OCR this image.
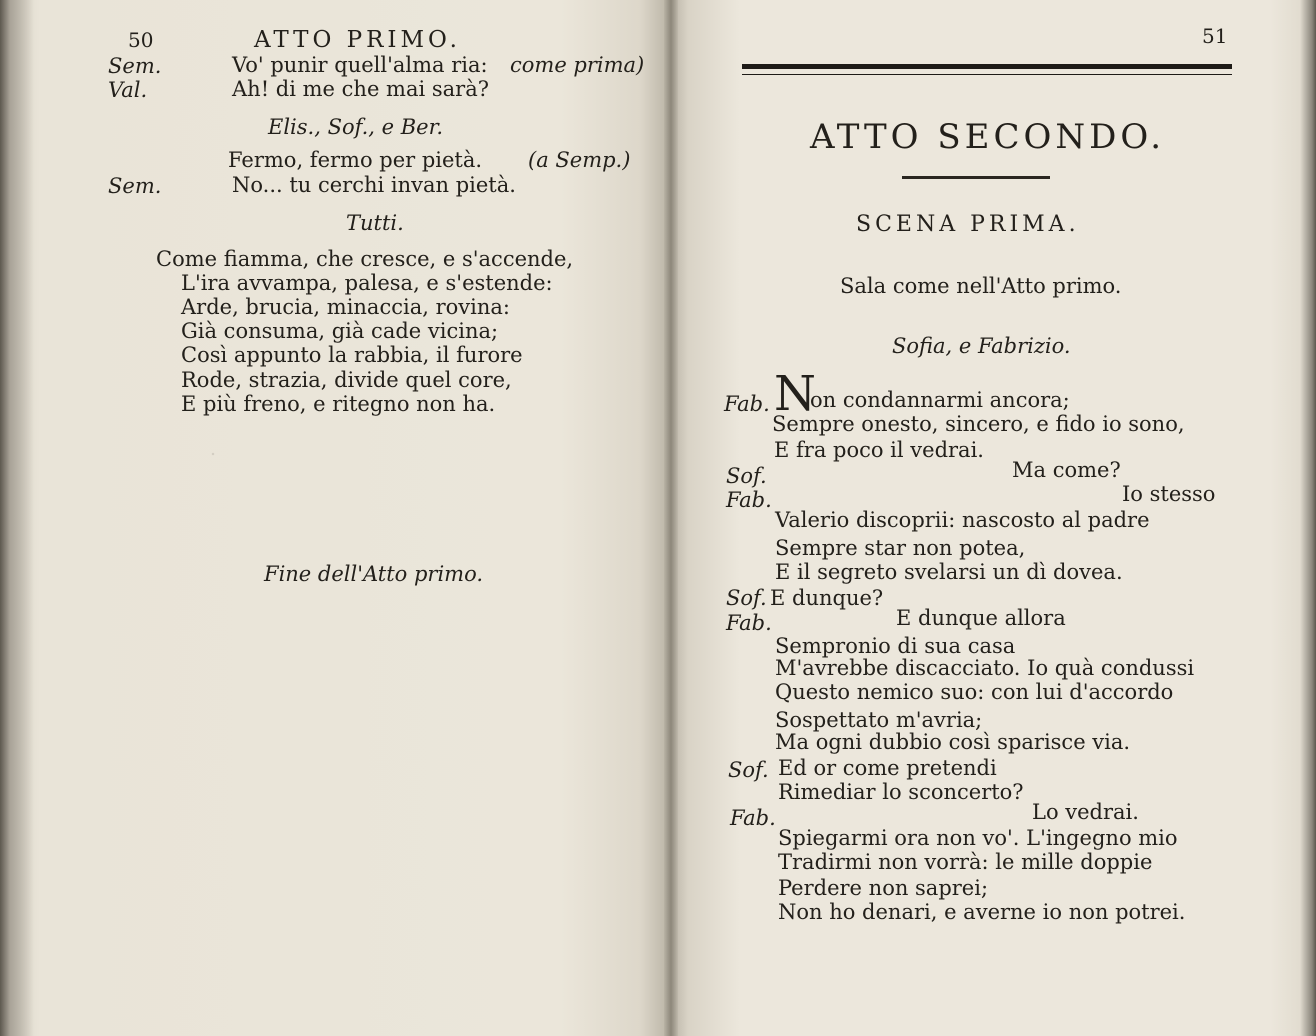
.
50	ATTO PRIMO.
Sem.	Vo' punir quell'alma ria: come prima)
Val.	Ah! di me che mai sarà?
Elis., Sof., e Ber.
Fermo, fermo per pietà. (a Semp.)
Sem.	No... tu cerchi invan pietà.
Tutti.
Come fiamma, che cresce, e s'accende,
L'ira avvampa, palesa, e s'estende:
Arde, brucia, minaccia, rovina:
Già consuma, già cade vicina;
Così appunto la rabbia, il furore
Rode, strazia, divide quel core,
E più freno, e ritegno non ha.
Fine dell'Atto primo.
51
ATTO SECONDO.
SCENA PRIMA.
Sala come nell'Atto primo.
Sofia, e Fabrizio.
Fab. N
on condannarmi ancora;
Sempre onesto, sincero, e fido io sono,
E fra poco il vedrai.
Sof.	Ma come?
Fab.	Io stesso
Valerio discoprii: nascosto al padre
Sempre star non potea,
E il segreto svelarsi un dì dovea.
Sof. E dunque?
Fab.	E dunque allora
Sempronio di sua casa
M'avrebbe discacciato. Io quà condussi
Questo nemico suo: con lui d'accordo
Sospettato m'avria;
Ma ogni dubbio così sparisce via.
Sof. Ed or come pretendi
Rimediar lo sconcerto?
Fab.	Lo vedrai.
Spiegarmi ora non vo'. L'ingegno mio
Tradirmi non vorrà: le mille doppie
Perdere non saprei;
Non ho denari, e averne io non potrei.
